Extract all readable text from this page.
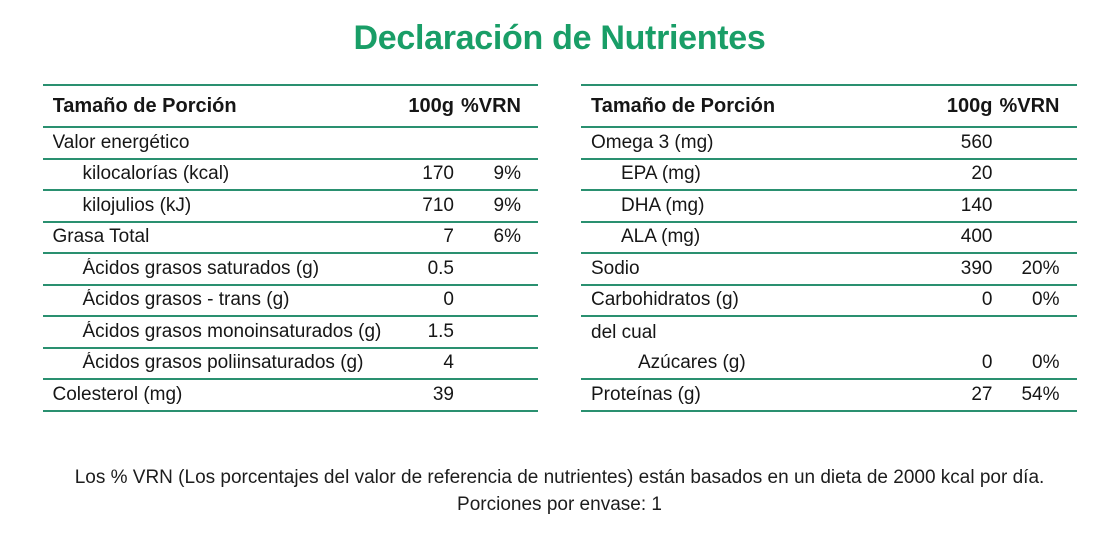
Declaración de Nutrientes
Tamaño de Porción	100g %VRN
Valor energético
kilocalorías (kcal)	170	9%
kilojulios (kJ)	710	9%
Grasa Total	7	6%
Ácidos grasos saturados (g)	0.5
Ácidos grasos - trans (g)	0
Ácidos grasos monoinsaturados (g)	1.5
Ácidos grasos poliinsaturados (g)	4
Colesterol (mg)	39
Tamaño de Porción	100g %VRN
Omega 3 (mg)	560
EPA (mg)	20
DHA (mg)	140
ALA (mg)	400
Sodio	390	20%
Carbohidratos (g)	0	0%
del cual
Azúcares (g)	0	0%
Proteínas (g)	27	54%

Los % VRN (Los porcentajes del valor de referencia de nutrientes) están basados en un dieta de 2000 kcal por día. Porciones por envase: 1
